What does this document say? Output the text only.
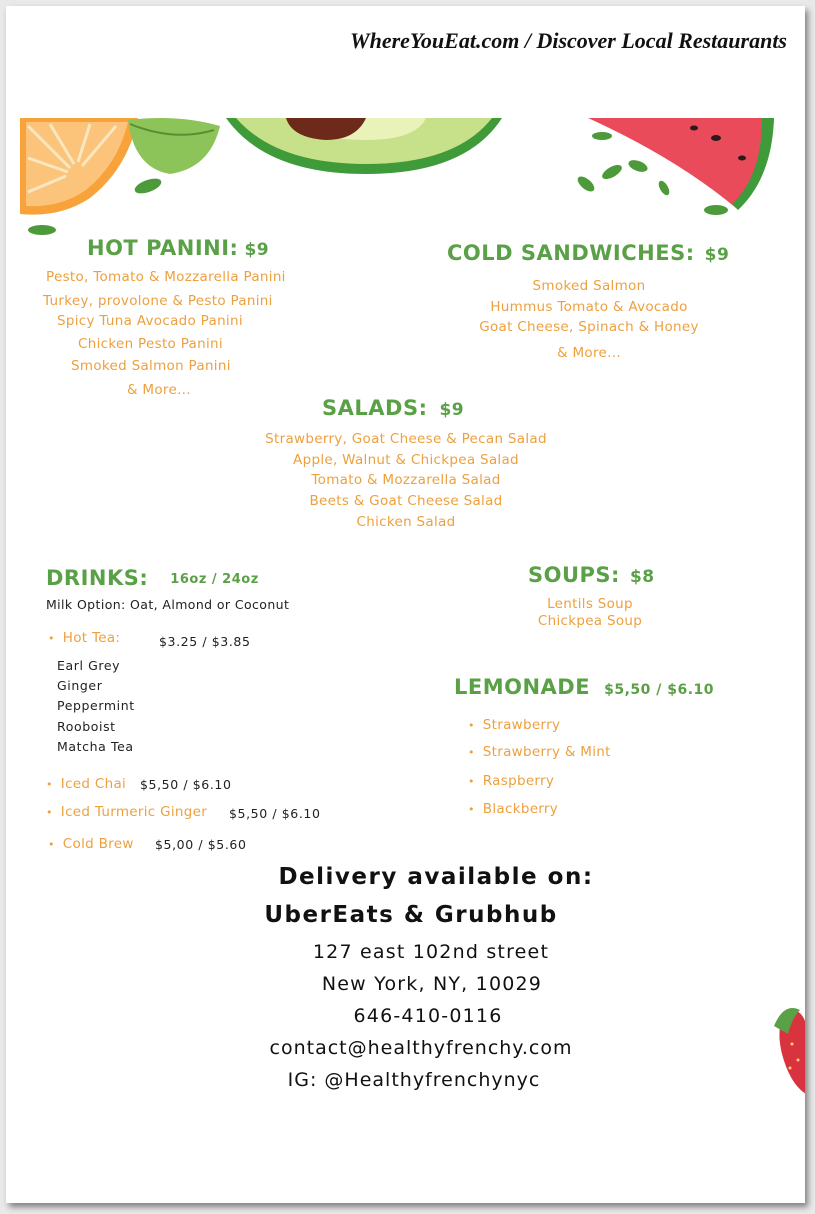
WhereYouEat.com / Discover Local Restaurants
HOT PANINI: $9
Pesto, Tomato & Mozzarella Panini
Turkey, provolone & Pesto Panini
Spicy Tuna Avocado Panini
Chicken Pesto Panini
Smoked Salmon Panini
& More...
COLD SANDWICHES: $9
Smoked Salmon
Hummus Tomato & Avocado
Goat Cheese, Spinach & Honey
& More...
SALADS: $9
Strawberry, Goat Cheese & Pecan Salad
Apple, Walnut & Chickpea Salad
Tomato & Mozzarella Salad
Beets & Goat Cheese Salad
Chicken Salad
DRINKS: 16oz / 24oz
Milk Option: Oat, Almond or Coconut
• Hot Tea:	$3.25 / $3.85
Earl Grey
Ginger
Peppermint
Rooboist
Matcha Tea
• Iced Chai $5,50 / $6.10
• Iced Turmeric Ginger $5,50 / $6.10
• Cold Brew $5,00 / $5.60
SOUPS: $8
Lentils Soup
Chickpea Soup
LEMONADE $5,50 / $6.10
• Strawberry
• Strawberry & Mint
• Raspberry
• Blackberry
Delivery available on:
UberEats & Grubhub
127 east 102nd street
New York, NY, 10029
646-410-0116
contact@healthyfrenchy.com
IG: @Healthyfrenchynyc
